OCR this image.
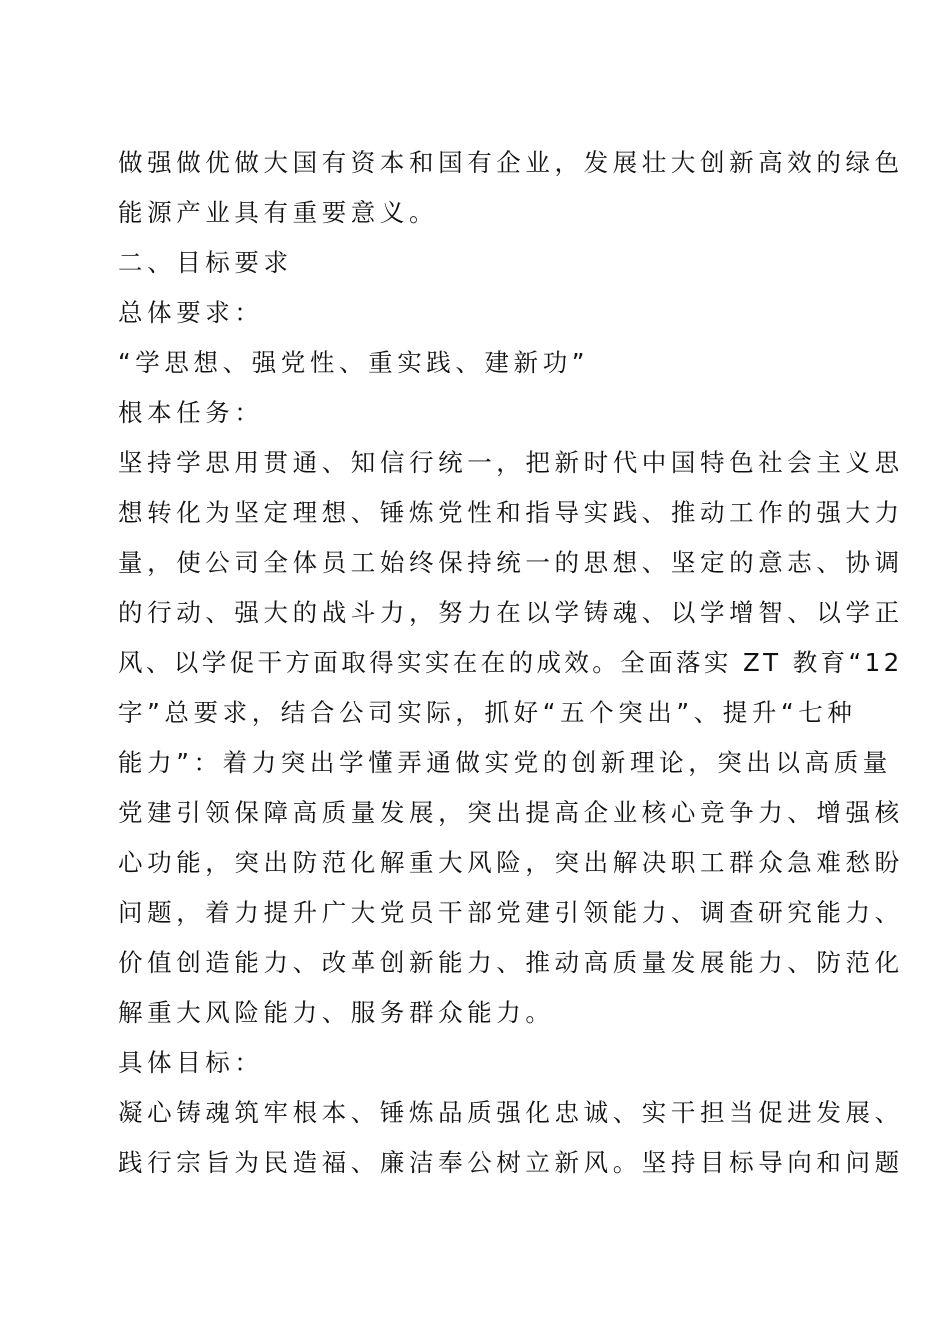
做强做优做大国有资本和国有企业，发展壮大创新高效的绿色
能源产业具有重要意义。
二、目标要求
总体要求：
“学思想、强党性、重实践、建新功”
根本任务：
坚持学思用贯通、知信行统一，把新时代中国特色社会主义思
想转化为坚定理想、锤炼党性和指导实践、推动工作的强大力
量，使公司全体员工始终保持统一的思想、坚定的意志、协调
的行动、强大的战斗力，努力在以学铸魂、以学增智、以学正
风、以学促干方面取得实实在在的成效。全面落实 ZT 教育“12
字”总要求，结合公司实际，抓好“五个突出”、提升“七种
能力”：着力突出学懂弄通做实党的创新理论，突出以高质量
党建引领保障高质量发展，突出提高企业核心竞争力、增强核
心功能，突出防范化解重大风险，突出解决职工群众急难愁盼
问题，着力提升广大党员干部党建引领能力、调查研究能力、
价值创造能力、改革创新能力、推动高质量发展能力、防范化
解重大风险能力、服务群众能力。
具体目标：
凝心铸魂筑牢根本、锤炼品质强化忠诚、实干担当促进发展、
践行宗旨为民造福、廉洁奉公树立新风。坚持目标导向和问题
